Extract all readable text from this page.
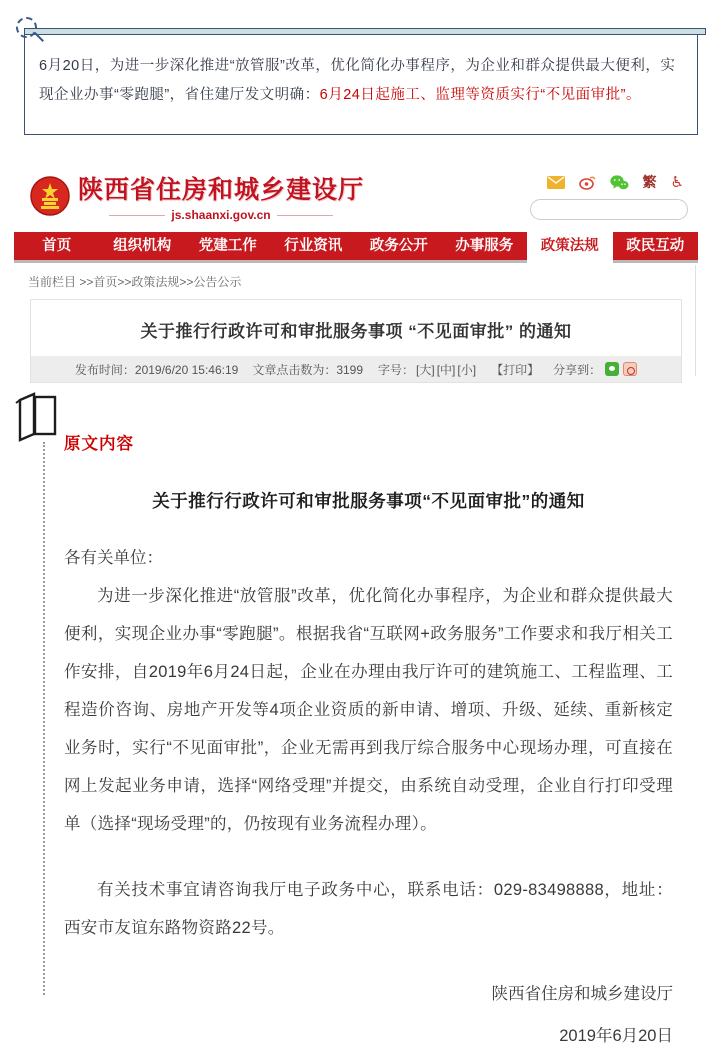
6月20日，为进一步深化推进“放管服”改革，优化简化办事程序，为企业和群众提供最大便利，实现企业办事“零跑腿”，省住建厅发文明确：6月24日起施工、监理等资质实行“不见面审批”。

陕西省住房和城乡建设厅
js.shaanxi.gov.cn
繁 ♿
首页	组织机构	党建工作	行业资讯	政务公开	办事服务	政策法规	政民互动
当前栏目 >>首页>>政策法规>>公告公示
关于推行行政许可和审批服务事项 “不见面审批” 的通知
发布时间：2019/6/20 15:46:19 文章点击数为：3199 字号： [大] [中] [小] 【打印】 分享到：
原文内容
关于推行行政许可和审批服务事项“不见面审批”的通知
各有关单位：

为进一步深化推进“放管服”改革，优化简化办事程序，为企业和群众提供最大便利，实现企业办事“零跑腿”。根据我省“互联网+政务服务”工作要求和我厅相关工作安排，自2019年6月24日起，企业在办理由我厅许可的建筑施工、工程监理、工程造价咨询、房地产开发等4项企业资质的新申请、增项、升级、延续、重新核定业务时，实行“不见面审批”，企业无需再到我厅综合服务中心现场办理，可直接在网上发起业务申请，选择“网络受理”并提交，由系统自动受理，企业自行打印受理单（选择“现场受理”的，仍按现有业务流程办理）。

有关技术事宜请咨询我厅电子政务中心，联系电话：029-83498888，地址：西安市友谊东路物资路22号。

陕西省住房和城乡建设厅
2019年6月20日
